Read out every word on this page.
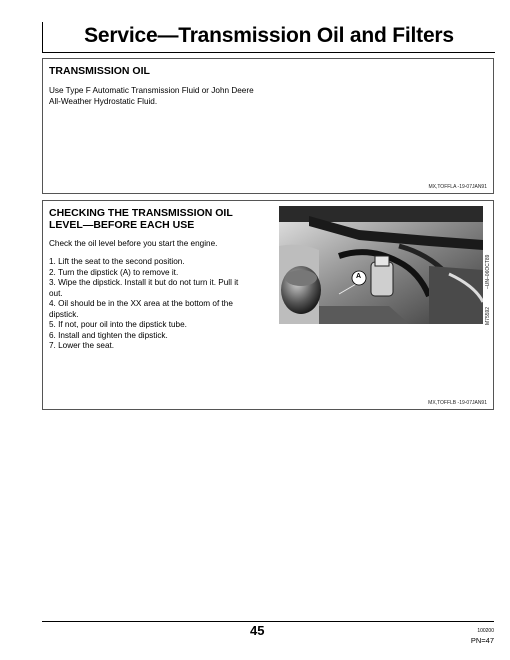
Service—Transmission Oil and Filters
TRANSMISSION OIL
Use Type F Automatic Transmission Fluid or John Deere
All-Weather Hydrostatic Fluid.
MX,TOFFLA -19-07JAN91
CHECKING THE TRANSMISSION OIL
LEVEL—BEFORE EACH USE
Check the oil level before you start the engine.
1. Lift the seat to the second position.
2. Turn the dipstick (A) to remove it.
3. Wipe the dipstick. Install it but do not turn it. Pull it
out.
4. Oil should be in the XX area at the bottom of the
dipstick.
5. If not, pour oil into the dipstick tube.
6. Install and tighten the dipstick.
7. Lower the seat.
A	–UN–06OCT89
M75592
MX,TOFFLB -19-07JAN91
45	100200
PN=47
